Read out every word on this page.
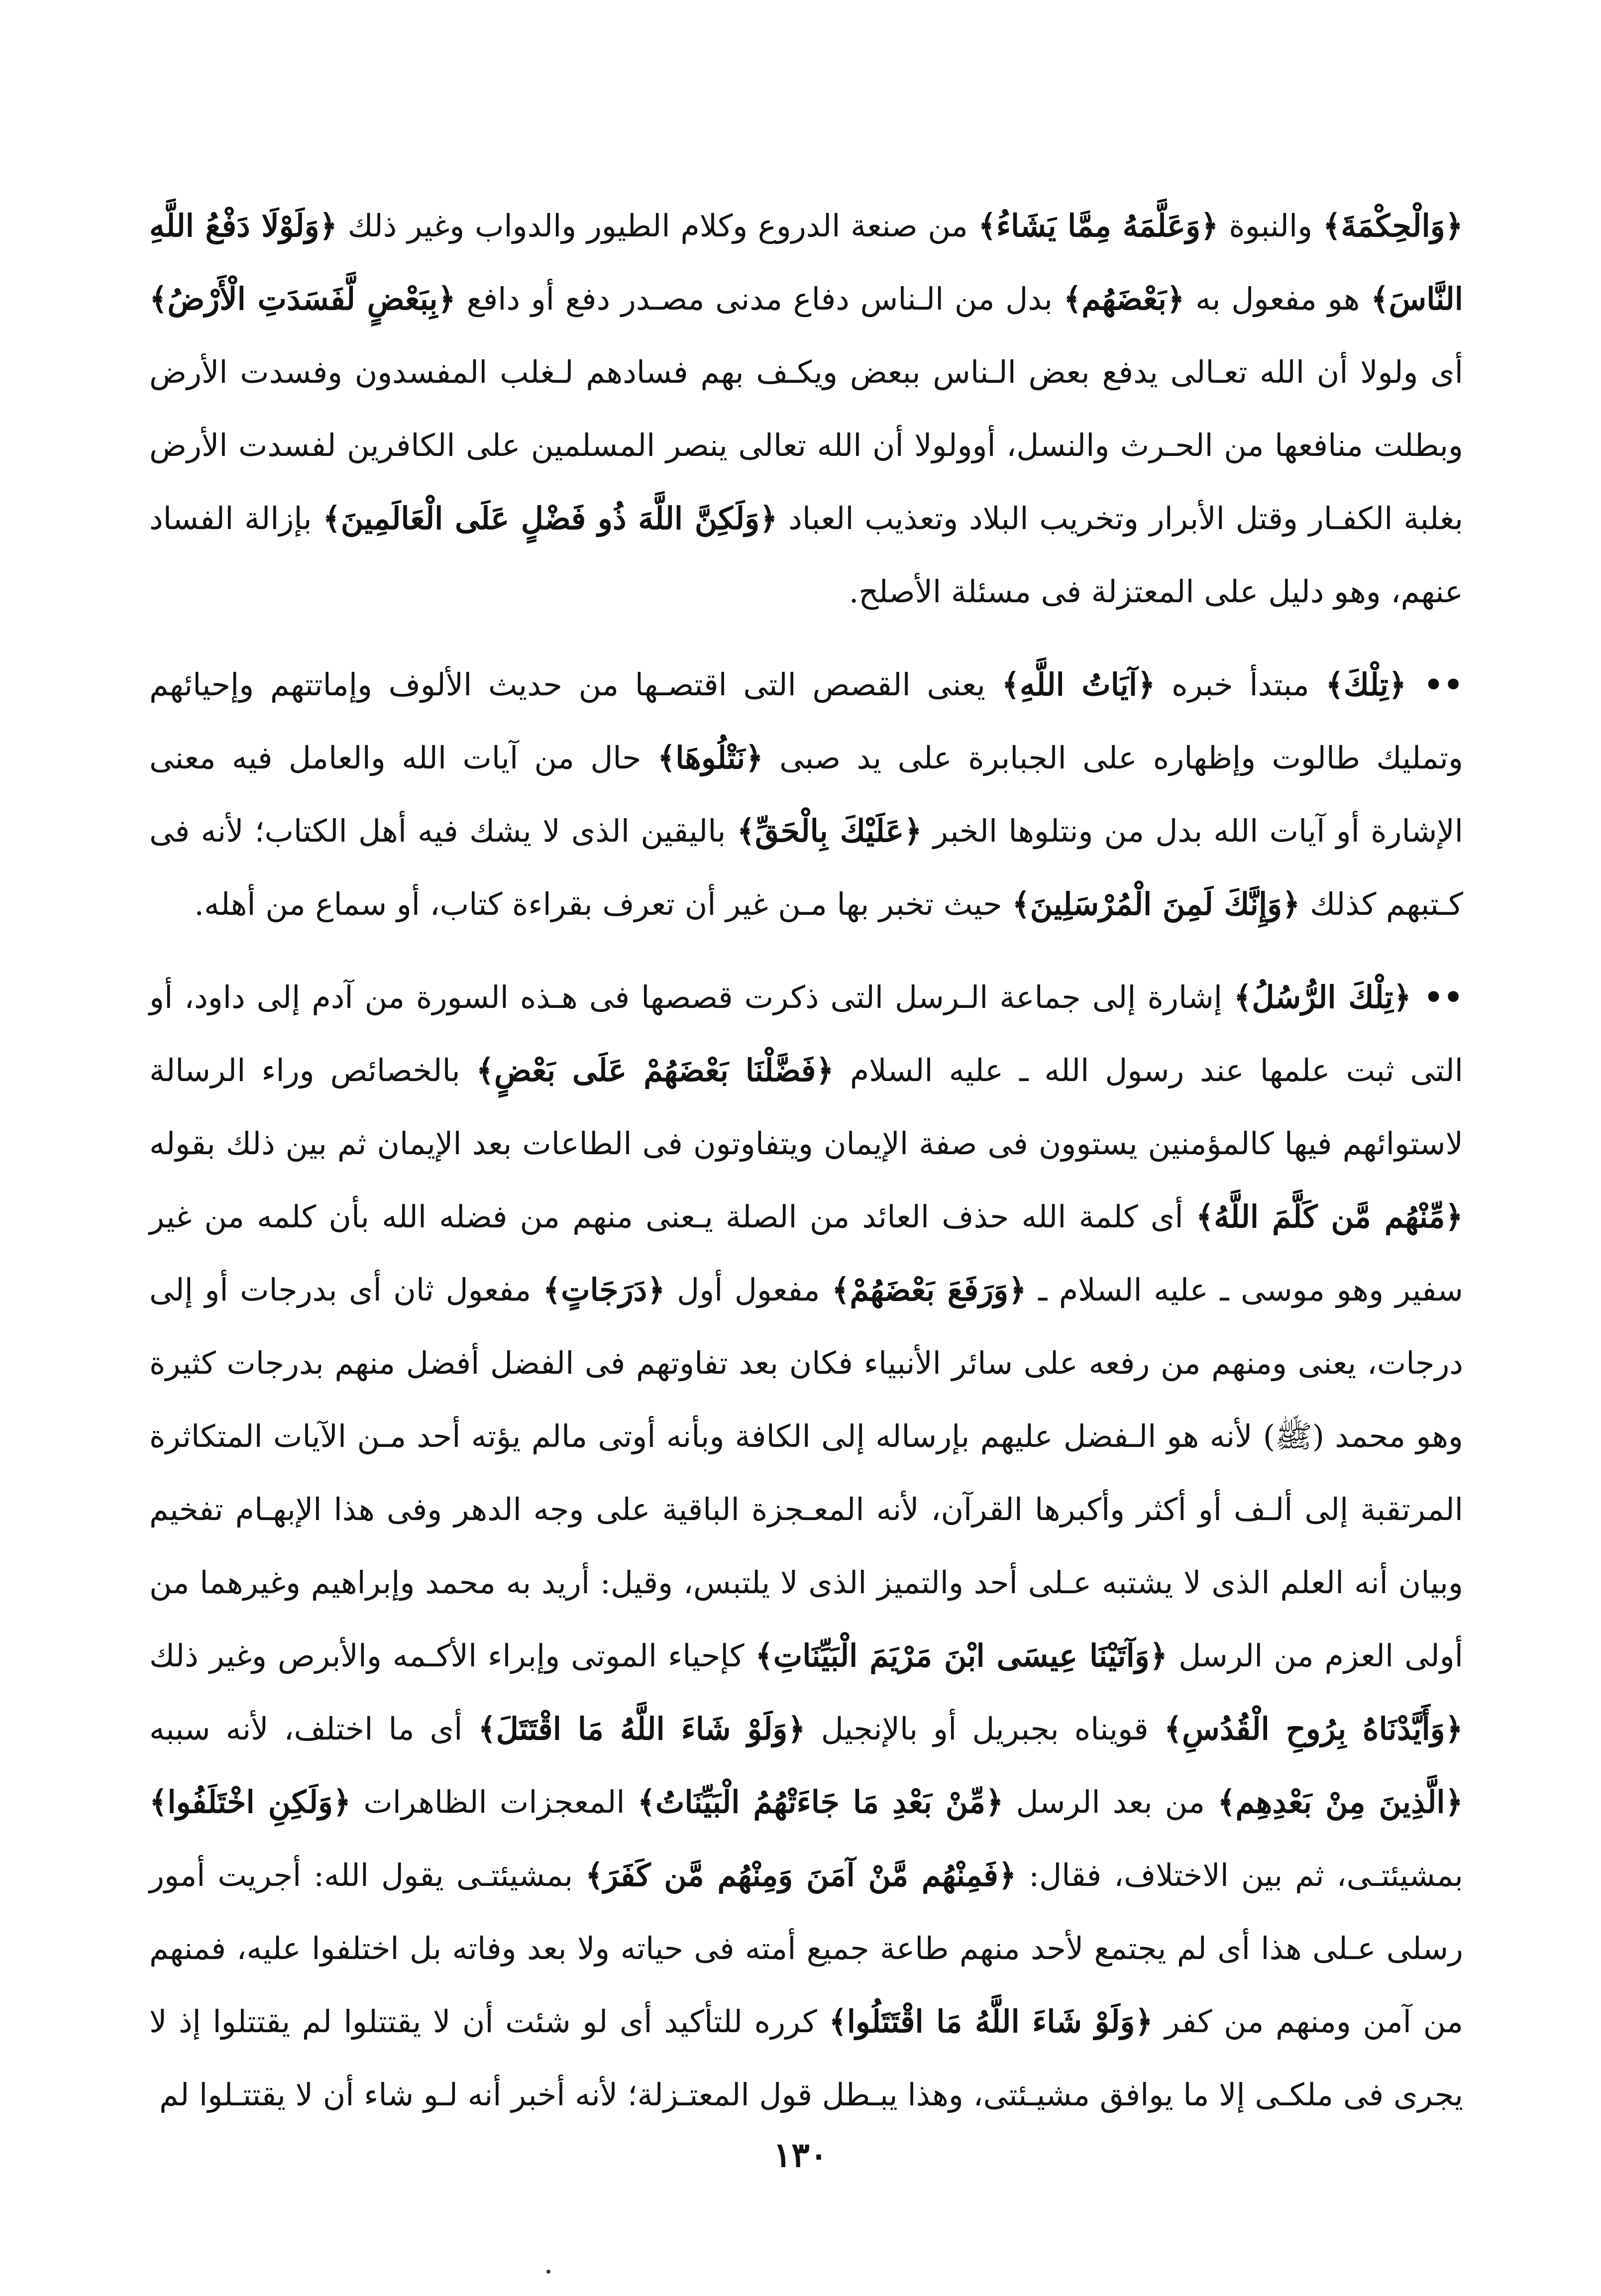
﴿وَالْحِكْمَةَ﴾ والنبوة ﴿وَعَلَّمَهُ مِمَّا يَشَاءُ﴾ من صنعة الدروع وكلام الطيور والدواب وغير ذلك ﴿وَلَوْلَا دَفْعُ اللَّهِ النَّاسَ﴾ هو مفعول به ﴿بَعْضَهُم﴾ بدل من الـناس دفاع مدنى مصـدر دفع أو دافع ﴿بِبَعْضٍ لَّفَسَدَتِ الْأَرْضُ﴾ أى ولولا أن الله تعـالى يدفع بعض الـناس ببعض ويكـف بهم فسادهم لـغلب المفسدون وفسدت الأرض وبطلت منافعها من الحـرث والنسل، أوولولا أن الله تعالى ينصر المسلمين على الكافرين لفسدت الأرض بغلبة الكفـار وقتل الأبرار وتخريب البلاد وتعذيب العباد ﴿وَلَكِنَّ اللَّهَ ذُو فَضْلٍ عَلَى الْعَالَمِينَ﴾ بإزالة الفساد عنهم، وهو دليل على المعتزلة فى مسئلة الأصلح.

•• ﴿تِلْكَ﴾ مبتدأ خبره ﴿آيَاتُ اللَّهِ﴾ يعنى القصص التى اقتصـها من حديث الألوف وإماتتهم وإحيائهم وتمليك طالوت وإظهاره على الجبابرة على يد صبى ﴿نَتْلُوهَا﴾ حال من آيات الله والعامل فيه معنى الإشارة أو آيات الله بدل من ونتلوها الخبر ﴿عَلَيْكَ بِالْحَقِّ﴾ باليقين الذى لا يشك فيه أهل الكتاب؛ لأنه فى كـتبهم كذلك ﴿وَإِنَّكَ لَمِنَ الْمُرْسَلِينَ﴾ حيث تخبر بها مـن غير أن تعرف بقراءة كتاب، أو سماع من أهله.

•• ﴿تِلْكَ الرُّسُلُ﴾ إشارة إلى جماعة الـرسل التى ذكرت قصصها فى هـذه السورة من آدم إلى داود، أو التى ثبت علمها عند رسول الله ـ عليه السلام ﴿فَضَّلْنَا بَعْضَهُمْ عَلَى بَعْضٍ﴾ بالخصائص وراء الرسالة لاستوائهم فيها كالمؤمنين يستوون فى صفة الإيمان ويتفاوتون فى الطاعات بعد الإيمان ثم بين ذلك بقوله ﴿مِّنْهُم مَّن كَلَّمَ اللَّهُ﴾ أى كلمة الله حذف العائد من الصلة يـعنى منهم من فضله الله بأن كلمه من غير سفير وهو موسى ـ عليه السلام ـ ﴿وَرَفَعَ بَعْضَهُمْ﴾ مفعول أول ﴿دَرَجَاتٍ﴾ مفعول ثان أى بدرجات أو إلى درجات، يعنى ومنهم من رفعه على سائر الأنبياء فكان بعد تفاوتهم فى الفضل أفضل منهم بدرجات كثيرة وهو محمد (ﷺ) لأنه هو الـفضل عليهم بإرساله إلى الكافة وبأنه أوتى مالم يؤته أحد مـن الآيات المتكاثرة المرتقبة إلى ألـف أو أكثر وأكبرها القرآن، لأنه المعـجزة الباقية على وجه الدهر وفى هذا الإبهـام تفخيم وبيان أنه العلم الذى لا يشتبه عـلى أحد والتميز الذى لا يلتبس، وقيل: أريد به محمد وإبراهيم وغيرهما من أولى العزم من الرسل ﴿وَآتَيْنَا عِيسَى ابْنَ مَرْيَمَ الْبَيِّنَاتِ﴾ كإحياء الموتى وإبراء الأكـمه والأبرص وغير ذلك ﴿وَأَيَّدْنَاهُ بِرُوحِ الْقُدُسِ﴾ قويناه بجبريل أو بالإنجيل ﴿وَلَوْ شَاءَ اللَّهُ مَا اقْتَتَلَ﴾ أى ما اختلف، لأنه سببه ﴿الَّذِينَ مِنْ بَعْدِهِم﴾ من بعد الرسل ﴿مِّنْ بَعْدِ مَا جَاءَتْهُمُ الْبَيِّنَاتُ﴾ المعجزات الظاهرات ﴿وَلَكِنِ اخْتَلَفُوا﴾ بمشيئتـى، ثم بين الاختلاف، فقال: ﴿فَمِنْهُم مَّنْ آمَنَ وَمِنْهُم مَّن كَفَرَ﴾ بمشيئتـى يقول الله: أجريت أمور رسلى عـلى هذا أى لم يجتمع لأحد منهم طاعة جميع أمته فى حياته ولا بعد وفاته بل اختلفوا عليه، فمنهم من آمن ومنهم من كفر ﴿وَلَوْ شَاءَ اللَّهُ مَا اقْتَتَلُوا﴾ كرره للتأكيد أى لو شئت أن لا يقتتلوا لم يقتتلوا إذ لا يجرى فى ملكـى إلا ما يوافق مشيـئتى، وهذا يبـطل قول المعتـزلة؛ لأنه أخبر أنه لـو شاء أن لا يقتتـلوا لم

١٣٠
